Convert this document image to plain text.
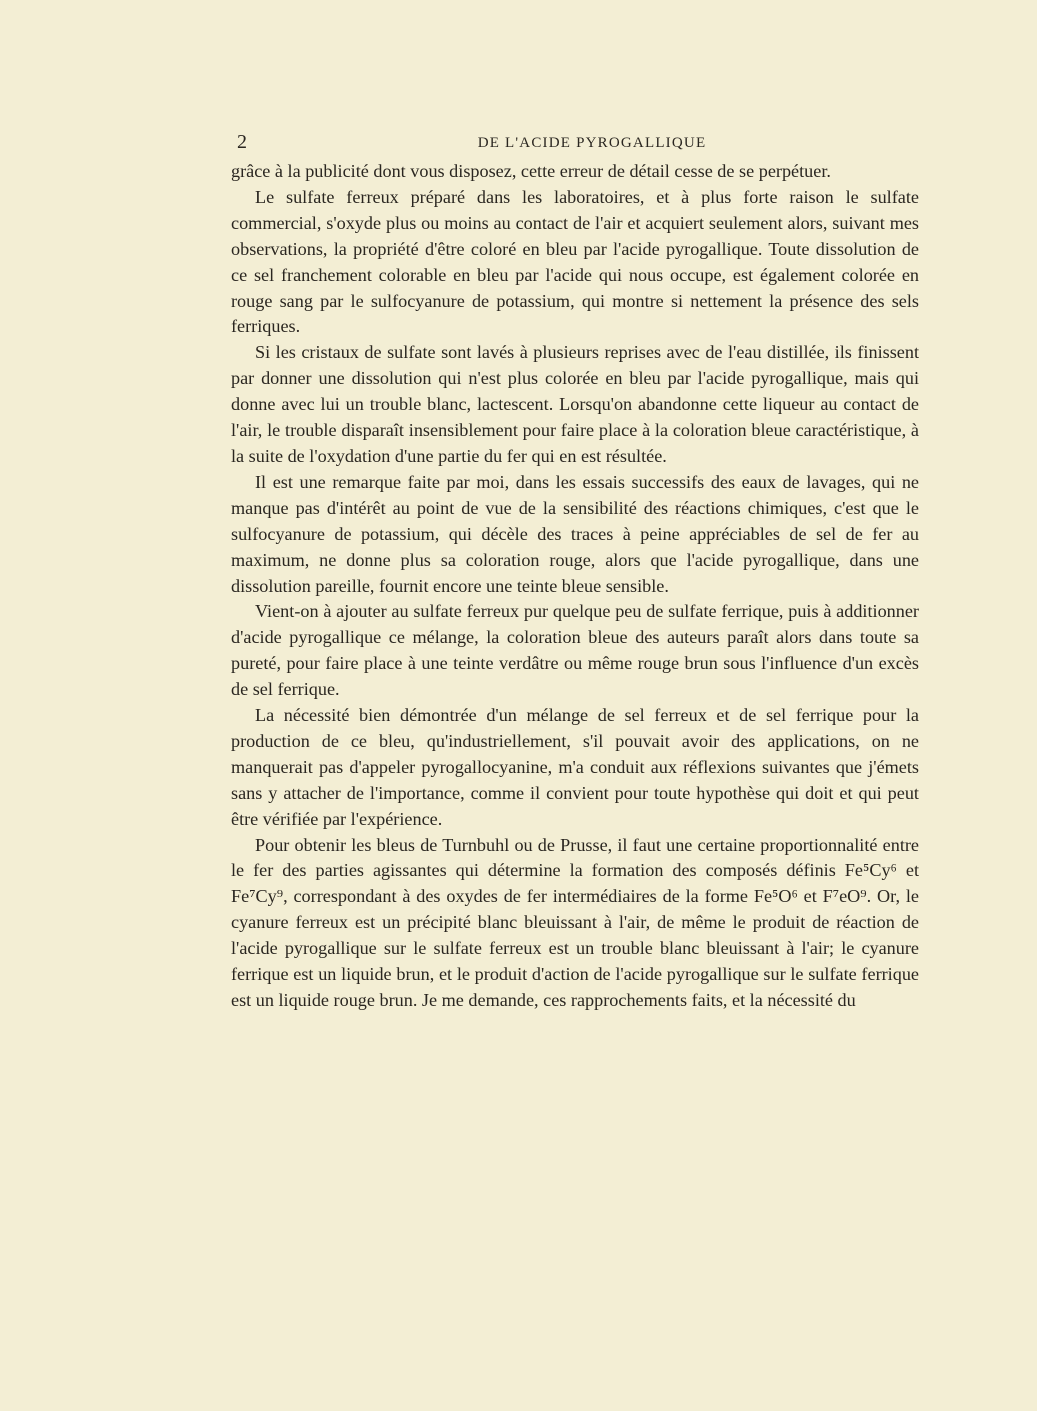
2	DE L'ACIDE PYROGALLIQUE

grâce à la publicité dont vous disposez, cette erreur de détail cesse de se perpétuer.

Le sulfate ferreux préparé dans les laboratoires, et à plus forte raison le sulfate commercial, s'oxyde plus ou moins au contact de l'air et acquiert seulement alors, suivant mes observations, la propriété d'être coloré en bleu par l'acide pyrogallique. Toute dissolution de ce sel franchement colorable en bleu par l'acide qui nous occupe, est également colorée en rouge sang par le sulfocyanure de potassium, qui montre si nettement la présence des sels ferriques.

Si les cristaux de sulfate sont lavés à plusieurs reprises avec de l'eau distillée, ils finissent par donner une dissolution qui n'est plus colorée en bleu par l'acide pyrogallique, mais qui donne avec lui un trouble blanc, lactescent. Lorsqu'on abandonne cette liqueur au contact de l'air, le trouble disparaît insensiblement pour faire place à la coloration bleue caractéristique, à la suite de l'oxydation d'une partie du fer qui en est résultée.

Il est une remarque faite par moi, dans les essais successifs des eaux de lavages, qui ne manque pas d'intérêt au point de vue de la sensibilité des réactions chimiques, c'est que le sulfocyanure de potassium, qui décèle des traces à peine appréciables de sel de fer au maximum, ne donne plus sa coloration rouge, alors que l'acide pyrogallique, dans une dissolution pareille, fournit encore une teinte bleue sensible.

Vient-on à ajouter au sulfate ferreux pur quelque peu de sulfate ferrique, puis à additionner d'acide pyrogallique ce mélange, la coloration bleue des auteurs paraît alors dans toute sa pureté, pour faire place à une teinte verdâtre ou même rouge brun sous l'influence d'un excès de sel ferrique.

La nécessité bien démontrée d'un mélange de sel ferreux et de sel ferrique pour la production de ce bleu, qu'industriellement, s'il pouvait avoir des applications, on ne manquerait pas d'appeler pyrogallocyanine, m'a conduit aux réflexions suivantes que j'émets sans y attacher de l'importance, comme il convient pour toute hypothèse qui doit et qui peut être vérifiée par l'expérience.

Pour obtenir les bleus de Turnbuhl ou de Prusse, il faut une certaine proportionnalité entre le fer des parties agissantes qui détermine la formation des composés définis Fe⁵Cy⁶ et Fe⁷Cy⁹, correspondant à des oxydes de fer intermédiaires de la forme Fe⁵O⁶ et F⁷eO⁹. Or, le cyanure ferreux est un précipité blanc bleuissant à l'air, de même le produit de réaction de l'acide pyrogallique sur le sulfate ferreux est un trouble blanc bleuissant à l'air; le cyanure ferrique est un liquide brun, et le produit d'action de l'acide pyrogallique sur le sulfate ferrique est un liquide rouge brun. Je me demande, ces rapprochements faits, et la nécessité du
